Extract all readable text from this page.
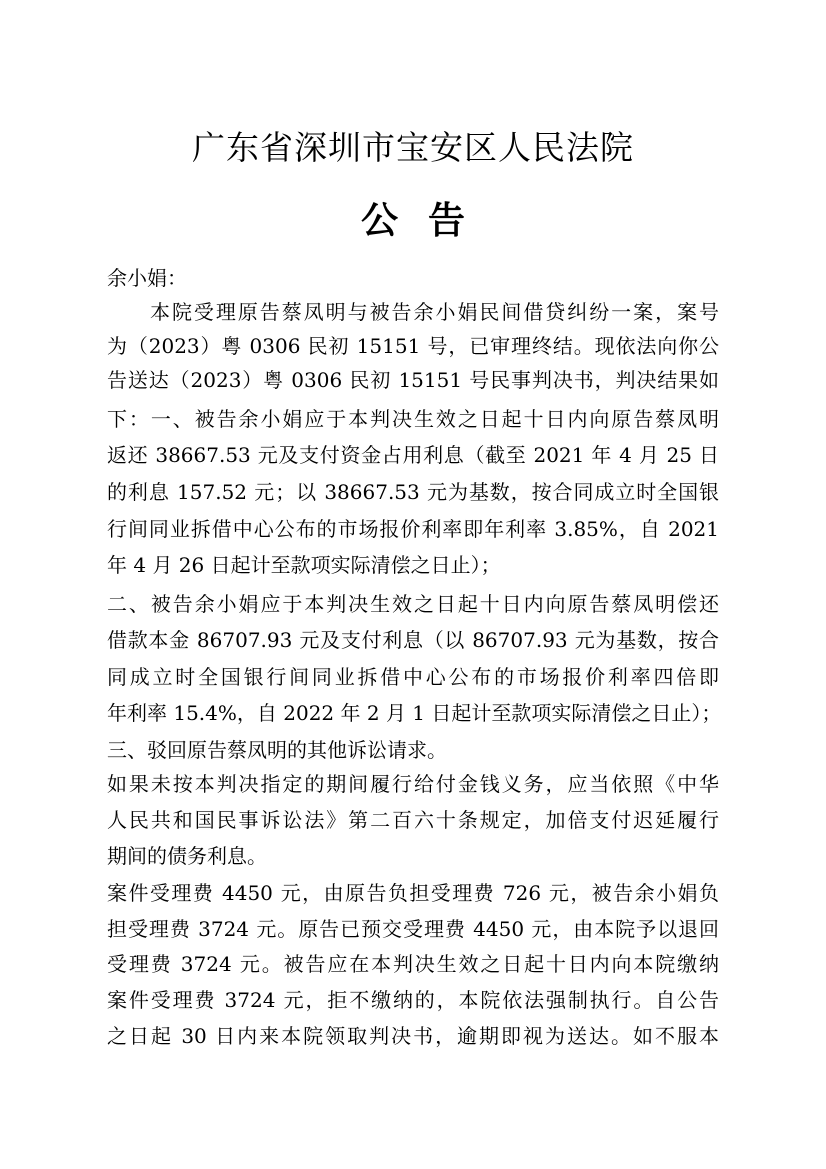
广东省深圳市宝安区人民法院
公告
余小娟：
本院受理原告蔡凤明与被告余小娟民间借贷纠纷一案，案号
为（2023）粤 0306 民初 15151 号，已审理终结。现依法向你公
告送达（2023）粤 0306 民初 15151 号民事判决书，判决结果如
下：一、被告余小娟应于本判决生效之日起十日内向原告蔡凤明
返还 38667.53 元及支付资金占用利息（截至 2021 年 4 月 25 日
的利息 157.52 元；以 38667.53 元为基数，按合同成立时全国银
行间同业拆借中心公布的市场报价利率即年利率 3.85%，自 2021
年 4 月 26 日起计至款项实际清偿之日止）；
二、被告余小娟应于本判决生效之日起十日内向原告蔡凤明偿还
借款本金 86707.93 元及支付利息（以 86707.93 元为基数，按合
同成立时全国银行间同业拆借中心公布的市场报价利率四倍即
年利率 15.4%，自 2022 年 2 月 1 日起计至款项实际清偿之日止）；
三、驳回原告蔡凤明的其他诉讼请求。
如果未按本判决指定的期间履行给付金钱义务，应当依照《中华
人民共和国民事诉讼法》第二百六十条规定，加倍支付迟延履行
期间的债务利息。
案件受理费 4450 元，由原告负担受理费 726 元，被告余小娟负
担受理费 3724 元。原告已预交受理费 4450 元，由本院予以退回
受理费 3724 元。被告应在本判决生效之日起十日内向本院缴纳
案件受理费 3724 元，拒不缴纳的，本院依法强制执行。自公告
之日起 30 日内来本院领取判决书，逾期即视为送达。如不服本
